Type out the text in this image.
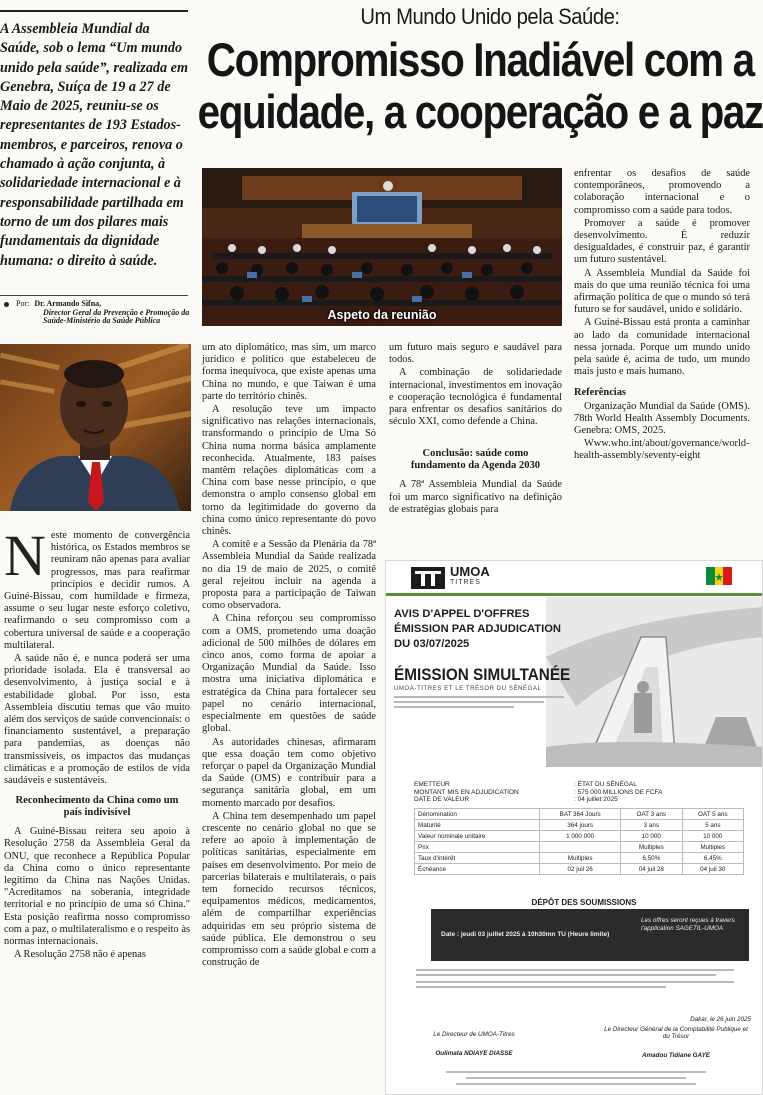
Um Mundo Unido pela Saúde:
Compromisso Inadiável com a
equidade, a cooperação e a paz
A Assembleia Mundial da Saúde, sob o lema “Um mundo unido pela saúde”, realizada em Genebra, Suíça de 19 a 27 de Maio de 2025, reuniu-se os representantes de 193 Estados-membros, e parceiros, renova o chamado à ação conjunta, à solidariedade internacional e à responsabilidade partilhada em torno de um dos pilares mais fundamentais da dignidade humana: o direito à saúde.
Por: Dr. Armando Sifna,
Director Geral da Prevenção e Promoção da Saúde-Ministério da Saúde Pública	Aspeto da reunião

Neste momento de convergência histórica, os Estados membros se reuniram não apenas para avaliar progressos, mas para reafirmar princípios e decidir rumos. A Guiné-Bissau, com humildade e firmeza, assume o seu lugar neste esforço coletivo, reafirmando o seu compromisso com a cobertura universal de saúde e a cooperação multilateral.

A saúde não é, e nunca poderá ser uma prioridade isolada. Ela é transversal ao desenvolvimento, à justiça social e à estabilidade global. Por isso, esta Assembleia discutiu temas que vão muito além dos serviços de saúde convencionais: o financiamento sustentável, a preparação para pandemias, as doenças não transmissíveis, os impactos das mudanças climáticas e a promoção de estilos de vida saudáveis e sustentáveis.

Reconhecimento da China como um país indivisível

A Guiné-Bissau reitera seu apoio à Resolução 2758 da Assembleia Geral da ONU, que reconhece a República Popular da China como o único representante legítimo da China nas Nações Unidas. "Acreditamos na soberania, integridade territorial e no princípio de uma só China." Esta posição reafirma nosso compromisso com a paz, o multilateralismo e o respeito às normas internacionais.

A Resolução 2758 não é apenas

um ato diplomático, mas sim, um marco jurídico e político que estabeleceu de forma inequívoca, que existe apenas uma China no mundo, e que Taiwan é uma parte do território chinês.

A resolução teve um impacto significativo nas relações internacionais, transformando o princípio de Uma Só China numa norma básica amplamente reconhecida. Atualmente, 183 países mantêm relações diplomáticas com a China com base nesse princípio, o que demonstra o amplo consenso global em torno da legitimidade do governo da china como único representante do povo chinês.

A comitê e a Sessão da Plenária da 78ª Assembleia Mundial da Saúde realizada no dia 19 de maio de 2025, o comitê geral rejeitou incluir na agenda a proposta para a participação de Taiwan como observadora.

A China reforçou seu compromisso com a OMS, prometendo uma doação adicional de 500 milhões de dólares em cinco anos, como forma de apoiar a Organização Mundial da Saúde. Isso mostra uma iniciativa diplomática e estratégica da China para fortalecer seu papel no cenário internacional, especialmente em questões de saúde global.

As autoridades chinesas, afirmaram que essa doação tem como objetivo reforçar o papel da Organização Mundial da Saúde (OMS) e contribuir para a segurança sanitária global, em um momento marcado por desafios.

A China tem desempenhado um papel crescente no cenário global no que se refere ao apoio à implementação de políticas sanitárias, especialmente em países em desenvolvimento. Por meio de parcerias bilaterais e multilaterais, o país tem fornecido recursos técnicos, equipamentos médicos, medicamentos, além de compartilhar experiências adquiridas em seu próprio sistema de saúde pública. Ele demonstrou o seu compromisso com a saúde global e com a construção de

um futuro mais seguro e saudável para todos.

A combinação de solidariedade internacional, investimentos em inovação e cooperação tecnológica é fundamental para enfrentar os desafios sanitários do século XXI, como defende a China.

Conclusão: saúde como fundamento da Agenda 2030

A 78ª Assembleia Mundial da Saúde foi um marco significativo na definição de estratégias globais para

enfrentar os desafios de saúde contemporâneos, promovendo a colaboração internacional e o compromisso com a saúde para todos.

Promover a saúde é promover desenvolvimento. É reduzir desigualdades, é construir paz, é garantir um futuro sustentável.

A Assembleia Mundial da Saúde foi mais do que uma reunião técnica foi uma afirmação política de que o mundo só terá futuro se for saudável, unido e solidário.

A Guiné-Bissau está pronta a caminhar ao lado da comunidade internacional nessa jornada. Porque um mundo unido pela saúde é, acima de tudo, um mundo mais justo e mais humano.

Referências

Organização Mundial da Saúde (OMS). 78th World Health Assembly Documents. Genebra: OMS, 2025.

Www.who.int/about/governance/world-health-assembly/seventy-eight

UMOA
TITRES
AVIS D'APPEL D'OFFRES
ÉMISSION PAR ADJUDICATION
DU 03/07/2025
ÉMISSION SIMULTANÉE
UMOA-TITRES ET LE TRÉSOR DU SÉNÉGAL
EMETTEUR	: ÉTAT DU SÉNÉGAL
MONTANT MIS EN ADJUDICATION	: 575 000 MILLIONS DE FCFA
DATE DE VALEUR	: 04 juillet 2025
Dénomination	BAT 364 Jours	OAT 3 ans	OAT 5 ans
Maturité	364 jours	3 ans	5 ans
Valeur nominale unitaire	1 000 000	10 000	10 000
Prix		Multiples	Multiples
Taux d'intérêt	Multiples	6,50%	6,45%
Échéance	02 juil 26	04 juil 28	04 juil 30
DÉPÔT DES SOUMISSIONS
Date : jeudi 03 juillet 2025 à 10h30mn TU (Heure limite)
Les offres seront reçues à travers l'application SAGETIL-UMOA
Le Directeur de UMOA-Titres
Oulimata NDIAYE DIASSE
Dakar, le 26 juin 2025
Le Directeur Général de la Comptabilité Publique et du Trésor
Amadou Tidiane GAYE
